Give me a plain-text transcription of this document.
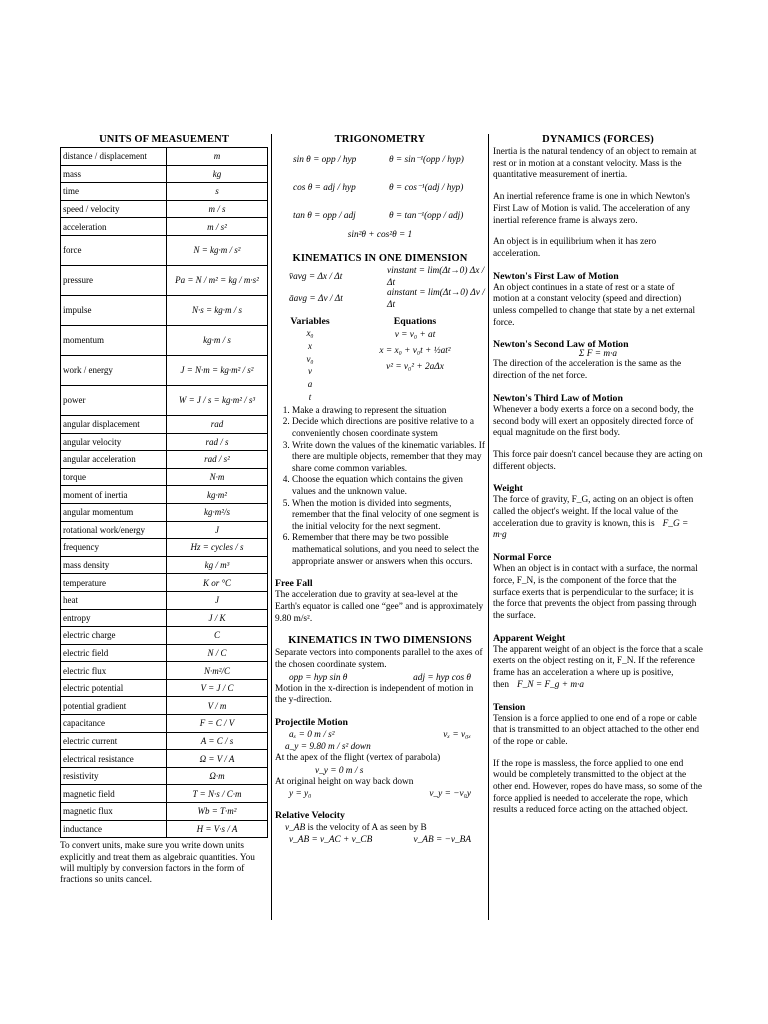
UNITS OF MEASUEMENT
distance / displacement	m
mass	kg
time	s
speed / velocity	m / s
acceleration	m / s²
force	N = kg·m / s²
pressure	Pa = N / m² = kg / m·s²
impulse	N·s = kg·m / s
momentum	kg·m / s
work / energy	J = N·m = kg·m² / s²
power	W = J / s = kg·m² / s³
angular displacement	rad
angular velocity	rad / s
angular acceleration	rad / s²
torque	N·m
moment of inertia	kg·m²
angular momentum	kg·m²/s
rotational work/energy	J
frequency	Hz = cycles / s
mass density	kg / m³
temperature	K or °C
heat	J
entropy	J / K
electric charge	C
electric field	N / C
electric flux	N·m²/C
electric potential	V = J / C
potential gradient	V / m
capacitance	F = C / V
electric current	A = C / s
electrical resistance	Ω = V / A
resistivity	Ω·m
magnetic field	T = N·s / C·m
magnetic flux	Wb = T·m²
inductance	H = V·s / A
To convert units, make sure you write down units explicitly and treat them as algebraic quantities. You will multiply by conversion factors in the form of fractions so units cancel.
TRIGONOMETRY
sin θ = opp / hyp	θ = sin⁻¹(opp / hyp)
cos θ = adj / hyp	θ = cos⁻¹(adj / hyp)
tan θ = opp / adj	θ = tan⁻¹(opp / adj)
sin²θ + cos²θ = 1
KINEMATICS IN ONE DIMENSION
v̄avg = Δx / Δt
vinstant = lim(Δt→0) Δx / Δt
āavg = Δv / Δt
ainstant = lim(Δt→0) Δv / Δt
Variables
x₀
x
v₀
v
a
t
Equations
v = v₀ + at
x = x₀ + v₀t + ½at²
v² = v₀² + 2aΔx
1. Make a drawing to represent the situation
2. Decide which directions are positive relative to a conveniently chosen coordinate system
3. Write down the values of the kinematic variables. If there are multiple objects, remember that they may share come common variables.
4. Choose the equation which contains the given values and the unknown value.
5. When the motion is divided into segments, remember that the final velocity of one segment is the initial velocity for the next segment.
6. Remember that there may be two possible mathematical solutions, and you need to select the appropriate answer or answers when this occurs.
Free Fall

The acceleration due to gravity at sea-level at the Earth's equator is called one “gee” and is approximately 9.80 m/s².

KINEMATICS IN TWO DIMENSIONS

Separate vectors into components parallel to the axes of the chosen coordinate system.

opp = hyp sin θ	adj = hyp cos θ

Motion in the x-direction is independent of motion in the y-direction.

Projectile Motion
aₓ = 0 m / s²	vₓ = v₀ₓ
a_y = 9.80 m / s² down

At the apex of the flight (vertex of parabola)

v_y = 0 m / s

At original height on way back down

y = y₀	v_y = −v₀y
Relative Velocity
v_AB is the velocity of A as seen by B
v_AB = v_AC + v_CB	v_AB = −v_BA
DYNAMICS (FORCES)

Inertia is the natural tendency of an object to remain at rest or in motion at a constant velocity. Mass is the quantitative measurement of inertia.

An inertial reference frame is one in which Newton's First Law of Motion is valid. The acceleration of any inertial reference frame is always zero.

An object is in equilibrium when it has zero acceleration.

Newton's First Law of Motion

An object continues in a state of rest or a state of motion at a constant velocity (speed and direction) unless compelled to change that state by a net external force.

Newton's Second Law of Motion
Σ F = m·a

The direction of the acceleration is the same as the direction of the net force.

Newton's Third Law of Motion

Whenever a body exerts a force on a second body, the second body will exert an oppositely directed force of equal magnitude on the first body.

This force pair doesn't cancel because they are acting on different objects.

Weight

The force of gravity, F_G, acting on an object is often called the object's weight. If the local value of the acceleration due to gravity is known, this is F_G = m·g

Normal Force

When an object is in contact with a surface, the normal force, F_N, is the component of the force that the surface exerts that is perpendicular to the surface; it is the force that prevents the object from passing through the surface.

Apparent Weight

The apparent weight of an object is the force that a scale exerts on the object resting on it, F_N. If the reference frame has an acceleration a where up is positive, then F_N = F_g + m·a

Tension

Tension is a force applied to one end of a rope or cable that is transmitted to an object attached to the other end of the rope or cable.

If the rope is massless, the force applied to one end would be completely transmitted to the object at the other end. However, ropes do have mass, so some of the force applied is needed to accelerate the rope, which results a reduced force acting on the attached object.
